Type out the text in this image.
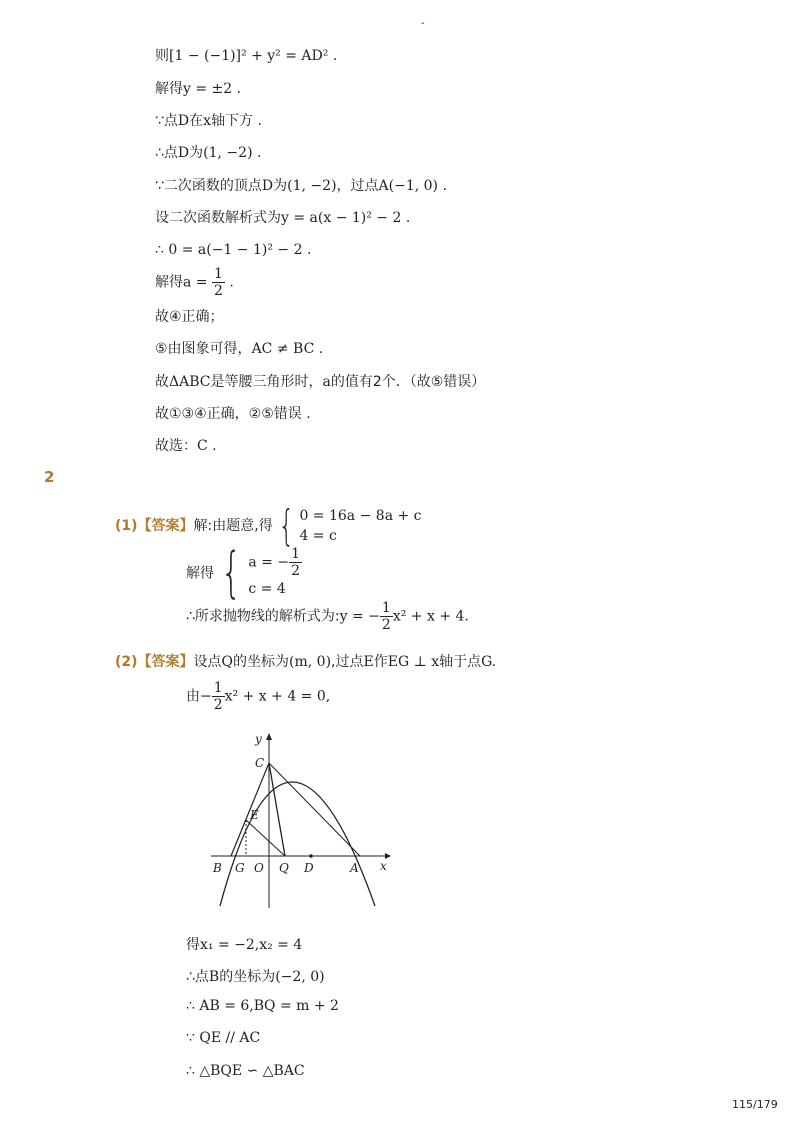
-
则[1 − (−1)]² + y² = AD² .
解得y = ±2 .
∵点D在x轴下方 .
∴点D为(1, −2) .
∵二次函数的顶点D为(1, −2)，过点A(−1, 0) .
设二次函数解析式为y = a(x − 1)² − 2 .
∴ 0 = a(−1 − 1)² − 2 .
解得$a = \frac{1}{2}$ .
故④正确；
⑤由图象可得，AC ≠ BC .
故ΔABC是等腰三角形时，a的值有2个．（故⑤错误）
故①③④正确，②⑤错误 .
故选：C .
2
(1)【答案】解:由题意,得 { 0 = 16a − 8a + c
4 = c
解得 { a = − $\frac{1}{2}$
c = 4
∴所求抛物线的解析式为:y = − $\frac{1}{2} x^2 + x + 4$.
(2)【答案】设点Q的坐标为(m, 0),过点E作EG ⊥ x轴于点G.
由− $\frac{1}{2} x^2 + x + 4 = 0$,
y
x
C
E
B G O Q D	A
得x₁ = −2,x₂ = 4
∴点B的坐标为(−2, 0)
∴ AB = 6,BQ = m + 2
∵ QE // AC
∴ △BQE ∽ △BAC
115/179
